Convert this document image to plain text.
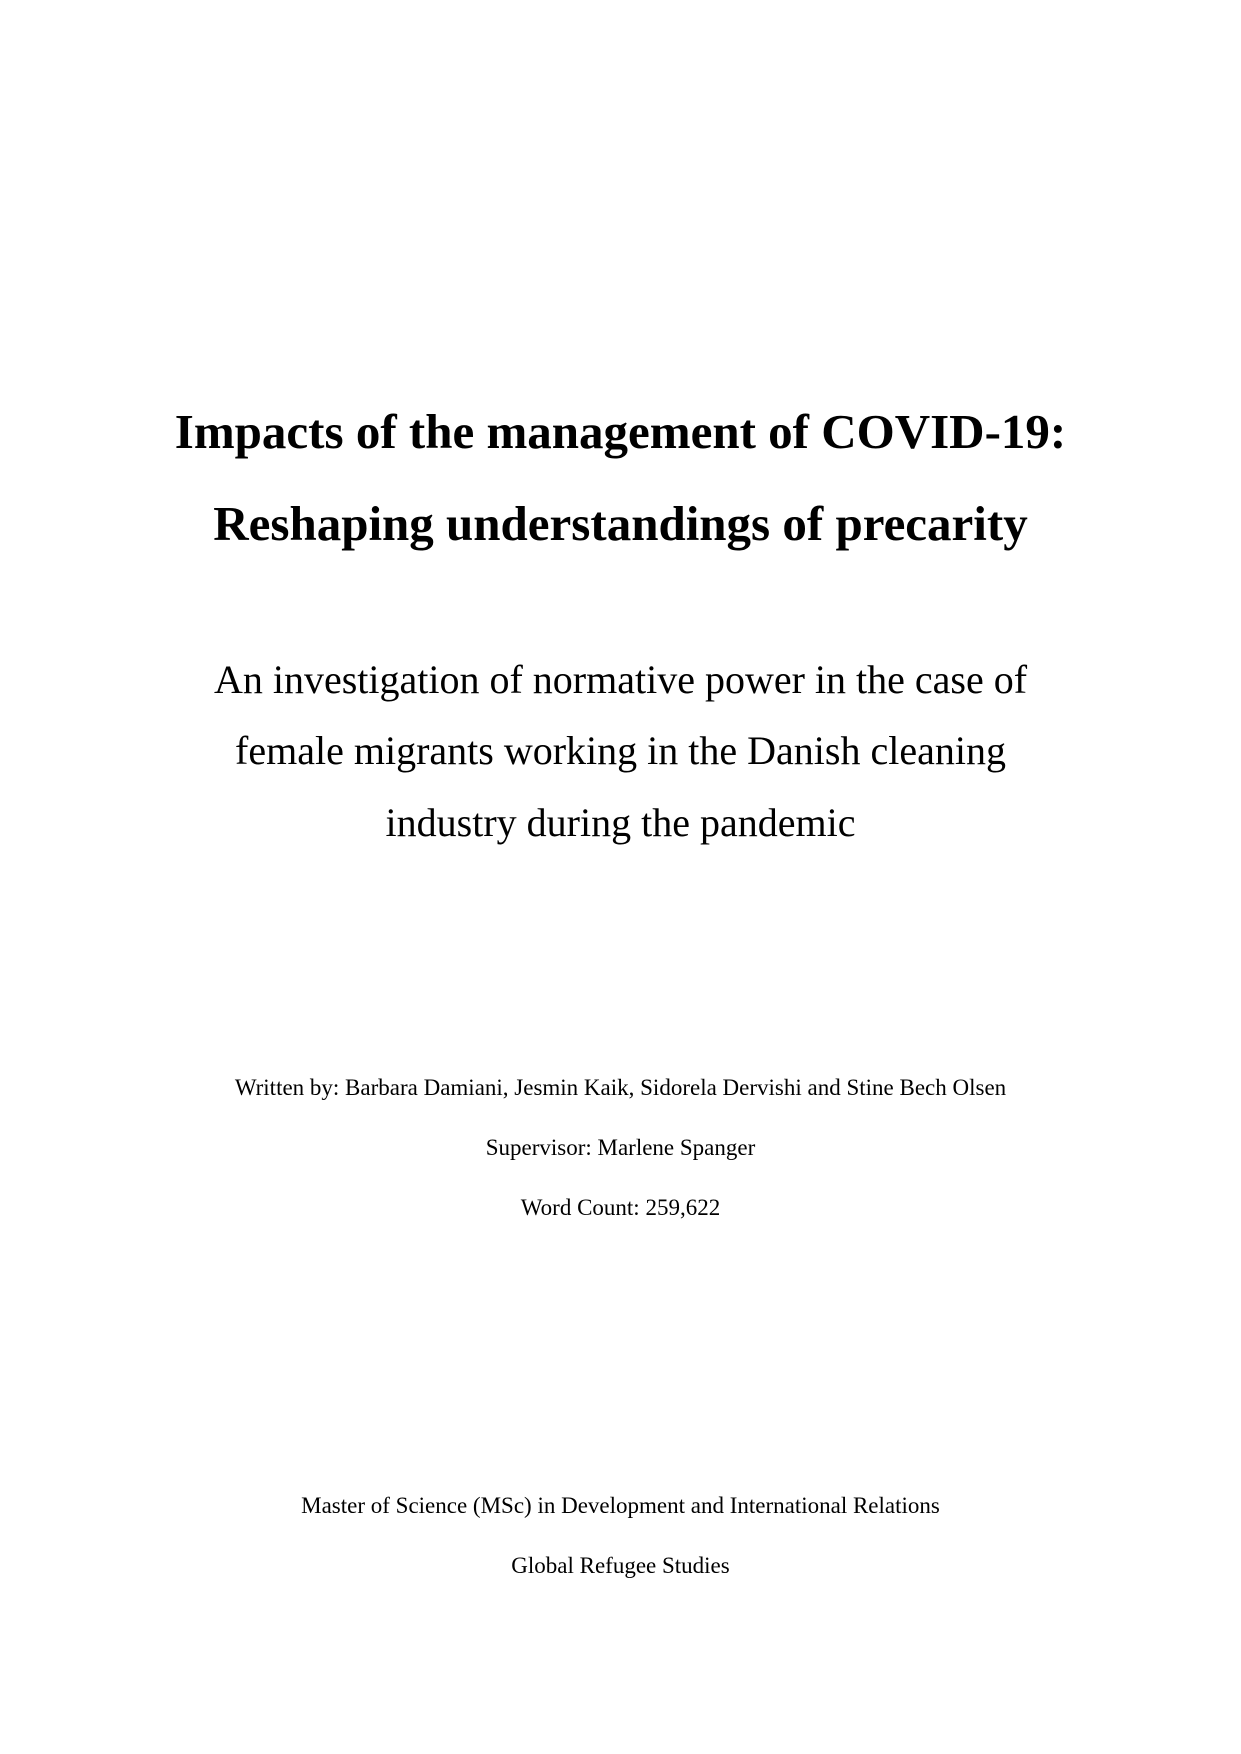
Impacts of the management of COVID-19:
Reshaping understandings of precarity
An investigation of normative power in the case of
female migrants working in the Danish cleaning
industry during the pandemic
Written by: Barbara Damiani, Jesmin Kaik, Sidorela Dervishi and Stine Bech Olsen
Supervisor: Marlene Spanger
Word Count: 259,622
Master of Science (MSc) in Development and International Relations
Global Refugee Studies
